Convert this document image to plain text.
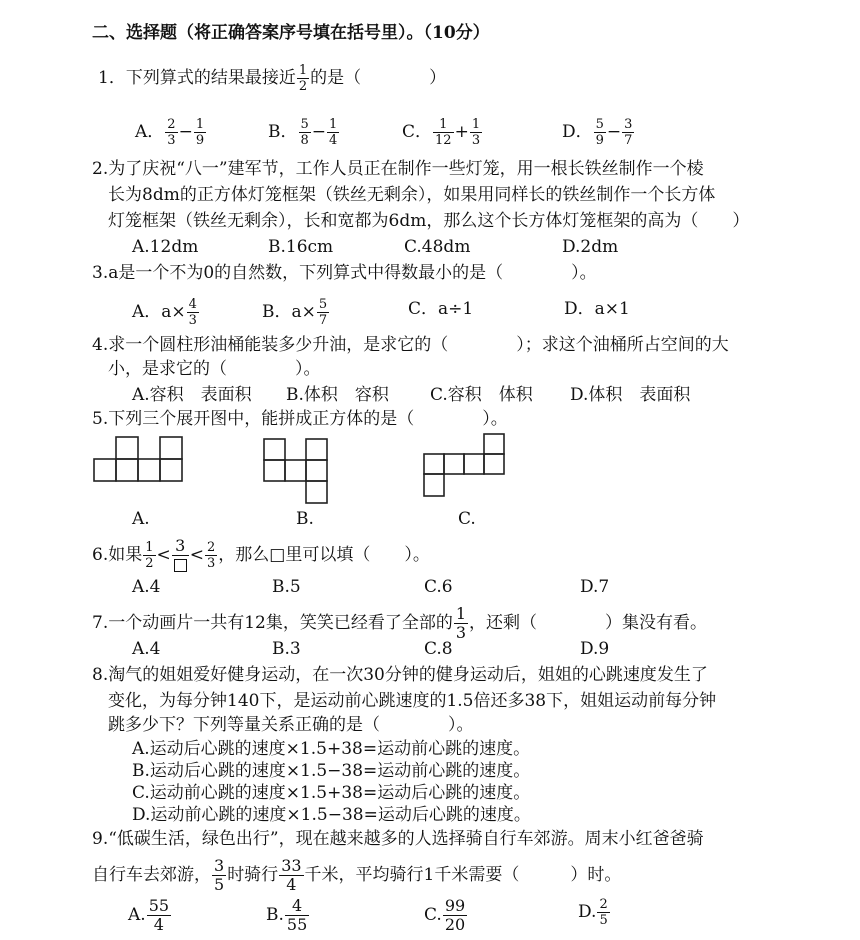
二、选择题（将正确答案序号填在括号里）。（10分）
1．下列算式的结果最接近 $\frac{1}{2}$ 的是（　　　　）
A． $\frac{2}{3} - \frac{1}{9}$	B． $\frac{5}{8} - \frac{1}{4}$	C． $\frac{1}{12} + \frac{1}{3}$	D． $\frac{5}{9} - \frac{3}{7}$
2.为了庆祝“八一”建军节，工作人员正在制作一些灯笼，用一根长铁丝制作一个棱
长为8dm的正方体灯笼框架（铁丝无剩余），如果用同样长的铁丝制作一个长方体
灯笼框架（铁丝无剩余），长和宽都为6dm，那么这个长方体灯笼框架的高为（　　）
A.12dm	B.16cm	C.48dm	D.2dm
3.a是一个不为0的自然数，下列算式中得数最小的是（　　　　）。
A．$a\times \frac{4}{3}$	B．$a\times \frac{5}{7}$	C．a÷1	D．a×1
4.求一个圆柱形油桶能装多少升油，是求它的（　　　　）；求这个油桶所占空间的大
小，是求它的（　　　　）。
A.容积　表面积 B.体积　容积 C.容积　体积 D.体积　表面积
5.下列三个展开图中，能拼成正方体的是（　　　　）。
A.	B.	C.
6.如果 $\frac{1}{2} < 3 < \frac{2}{3}$ ，那么□里可以填（　　）。
A.4	B.5	C.6	D.7
7.一个动画片一共有12集，笑笑已经看了全部的 $\frac{1}{3}$ ，还剩（　　　　）集没有看。
A.4	B.3	C.8	D.9
8.淘气的姐姐爱好健身运动，在一次30分钟的健身运动后，姐姐的心跳速度发生了
变化，为每分钟140下，是运动前心跳速度的1.5倍还多38下，姐姐运动前每分钟
跳多少下？下列等量关系正确的是（　　　　）。
A.运动后心跳的速度×1.5+38=运动前心跳的速度。
B.运动后心跳的速度×1.5−38=运动前心跳的速度。
C.运动前心跳的速度×1.5+38=运动后心跳的速度。
D.运动前心跳的速度×1.5−38=运动后心跳的速度。
9.“低碳生活，绿色出行”，现在越来越多的人选择骑自行车郊游。周末小红爸爸骑
自行车去郊游， $\frac{3}{5}$ 时骑行 $\frac{33}{4}$ 千米，平均骑行1千米需要（　　　）时。
A. $\frac{55}{4}$	B. $\frac{4}{55}$	C. $\frac{99}{20}$	D. $\frac{2}{5}$
